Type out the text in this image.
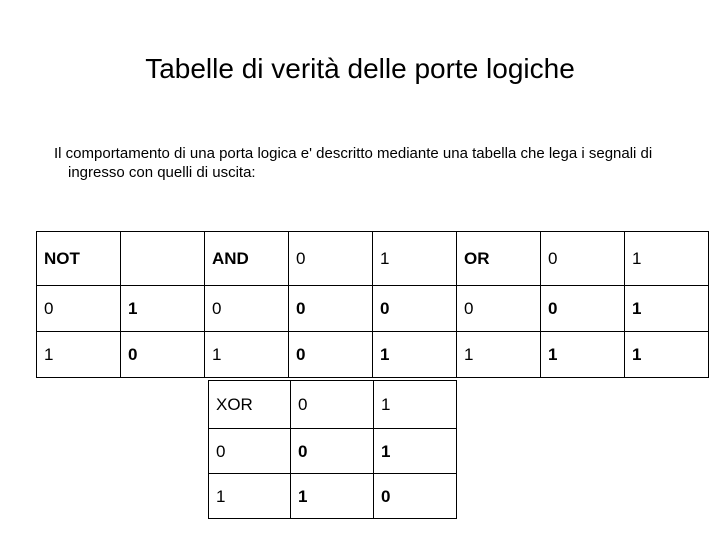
Tabelle di verità delle porte logiche
Il comportamento di una porta logica e' descritto mediante una tabella che lega i segnali di ingresso con quelli di uscita:
NOT		AND	0	1	OR	0	1
0	1	0	0	0	0	0	1
1	0	1	0	1	1	1	1
XOR	0	1
0	0	1
1	1	0
